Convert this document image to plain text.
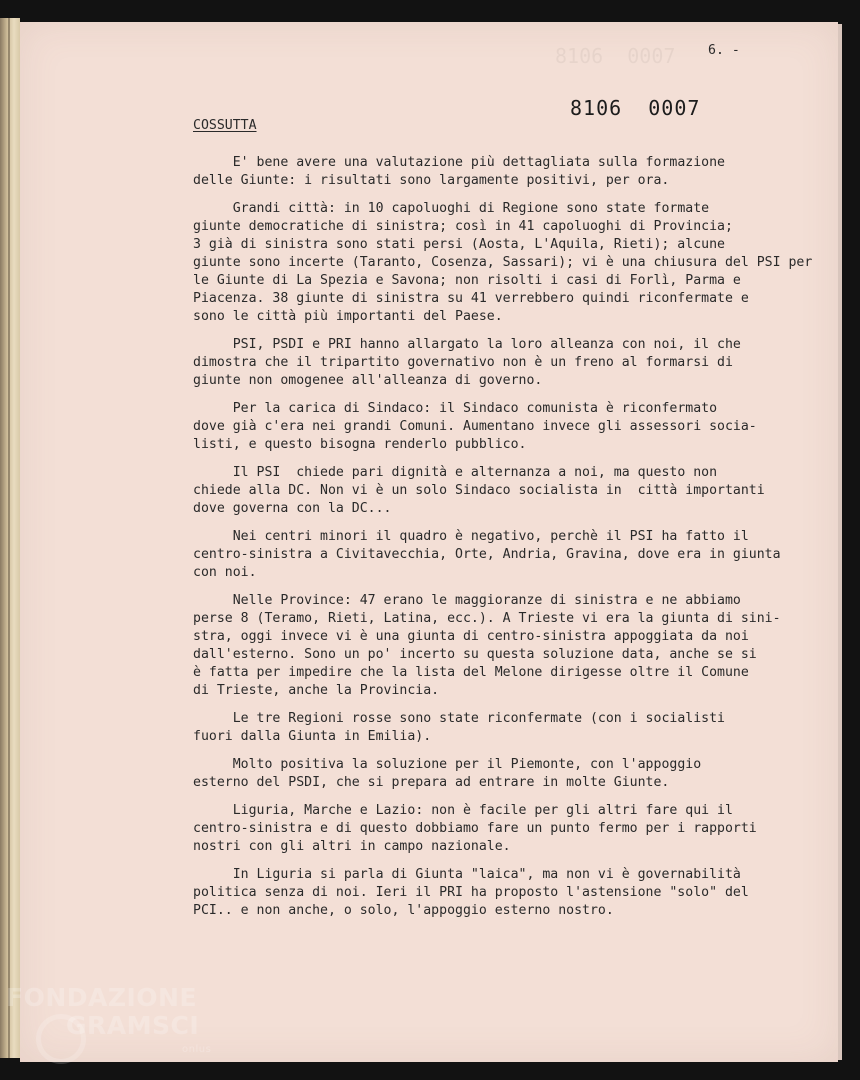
8106  0007 6. -
8106  0007
COSSUTTA

E' bene avere una valutazione più dettagliata sulla formazione
delle Giunte: i risultati sono largamente positivi, per ora.

Grandi città: in 10 capoluoghi di Regione sono state formate
giunte democratiche di sinistra; così in 41 capoluoghi di Provincia;
3 già di sinistra sono stati persi (Aosta, L'Aquila, Rieti); alcune
giunte sono incerte (Taranto, Cosenza, Sassari); vi è una chiusura del PSI per
le Giunte di La Spezia e Savona; non risolti i casi di Forlì, Parma e
Piacenza. 38 giunte di sinistra su 41 verrebbero quindi riconfermate e
sono le città più importanti del Paese.

PSI, PSDI e PRI hanno allargato la loro alleanza con noi, il che
dimostra che il tripartito governativo non è un freno al formarsi di
giunte non omogenee all'alleanza di governo.

Per la carica di Sindaco: il Sindaco comunista è riconfermato
dove già c'era nei grandi Comuni. Aumentano invece gli assessori socia-
listi, e questo bisogna renderlo pubblico.

Il PSI  chiede pari dignità e alternanza a noi, ma questo non
chiede alla DC. Non vi è un solo Sindaco socialista in  città importanti
dove governa con la DC...

Nei centri minori il quadro è negativo, perchè il PSI ha fatto il
centro-sinistra a Civitavecchia, Orte, Andria, Gravina, dove era in giunta
con noi.

Nelle Province: 47 erano le maggioranze di sinistra e ne abbiamo
perse 8 (Teramo, Rieti, Latina, ecc.). A Trieste vi era la giunta di sini-
stra, oggi invece vi è una giunta di centro-sinistra appoggiata da noi
dall'esterno. Sono un po' incerto su questa soluzione data, anche se si
è fatta per impedire che la lista del Melone dirigesse oltre il Comune
di Trieste, anche la Provincia.

Le tre Regioni rosse sono state riconfermate (con i socialisti
fuori dalla Giunta in Emilia).

Molto positiva la soluzione per il Piemonte, con l'appoggio
esterno del PSDI, che si prepara ad entrare in molte Giunte.

Liguria, Marche e Lazio: non è facile per gli altri fare qui il
centro-sinistra e di questo dobbiamo fare un punto fermo per i rapporti
nostri con gli altri in campo nazionale.

In Liguria si parla di Giunta "laica", ma non vi è governabilità
politica senza di noi. Ieri il PRI ha proposto l'astensione "solo" del
PCI.. e non anche, o solo, l'appoggio esterno nostro.

FONDAZIONE
GRAMSCI
onlus
